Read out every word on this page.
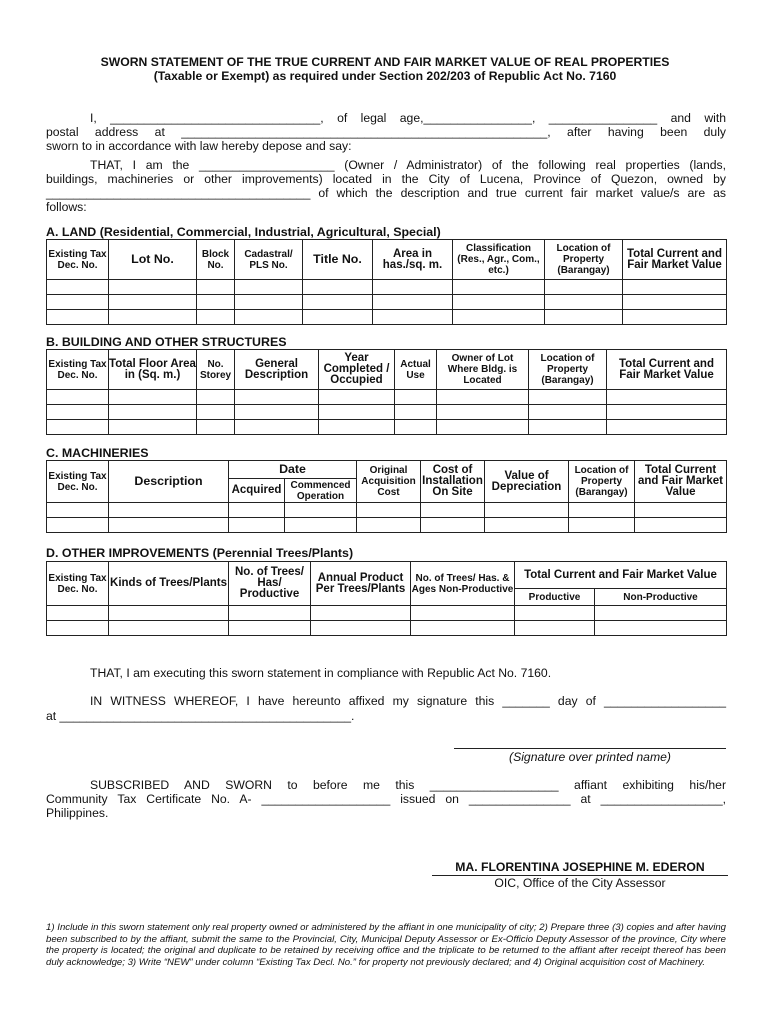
SWORN STATEMENT OF THE TRUE CURRENT AND FAIR MARKET VALUE OF REAL PROPERTIES
(Taxable or Exempt) as required under Section 202/203 of Republic Act No. 7160
I, _______________________________, of legal age,________________, ________________ and with
postal address at ______________________________________________________, after having been duly
sworn to in accordance with law hereby depose and say:
THAT, I am the ____________________ (Owner / Administrator) of the following real properties (lands,
buildings, machineries or other improvements) located in the City of Lucena, Province of Quezon, owned by
_______________________________________ of which the description and true current fair market value/s are as
follows:
A. LAND (Residential, Commercial, Industrial, Agricultural, Special)
Existing Tax Dec. No.	Lot No.	Block No.	Cadastral/ PLS No.	Title No.	Area in has./sq. m.	Classification (Res., Agr., Com., etc.)	Location of Property (Barangay)	Total Current and Fair Market Value

B. BUILDING AND OTHER STRUCTURES
Existing Tax Dec. No.	Total Floor Area in (Sq. m.)	No. Storey	General Description	Year Completed / Occupied	Actual Use	Owner of Lot Where Bldg. is Located	Location of Property (Barangay)	Total Current and Fair Market Value

C. MACHINERIES
Existing Tax Dec. No.	Description	Date		Original Acquisition Cost	Cost of Installation On Site	Value of Depreciation	Location of Property (Barangay)	Total Current and Fair Market Value
		Acquired	Commenced Operation					

D. OTHER IMPROVEMENTS (Perennial Trees/Plants)
Existing Tax Dec. No.	Kinds of Trees/Plants	No. of Trees/ Has/ Productive	Annual Product Per Trees/Plants	No. of Trees/ Has. & Ages Non-Productive	Total Current and Fair Market Value	
					Productive	Non-Productive

THAT, I am executing this sworn statement in compliance with Republic Act No. 7160.
IN WITNESS WHEREOF, I have hereunto affixed my signature this _______ day of __________________
at ___________________________________________.
(Signature over printed name)
SUBSCRIBED AND SWORN to before me this ___________________ affiant exhibiting his/her
Community Tax Certificate No. A- ___________________ issued on _______________ at __________________,
Philippines.
MA. FLORENTINA JOSEPHINE M. EDERON
OIC, Office of the City Assessor
1) Include in this sworn statement only real property owned or administered by the affiant in one municipality of city; 2) Prepare three (3) copies and after having been subscribed to by the affiant, submit the same to the Provincial, City, Municipal Deputy Assessor or Ex-Officio Deputy Assessor of the province, City where the property is located; the original and duplicate to be retained by receiving office and the triplicate to be returned to the affiant after receipt thereof has been duly acknowledge; 3) Write “NEW” under column “Existing Tax Decl. No.” for property not previously declared; and 4) Original acquisition cost of Machinery.
